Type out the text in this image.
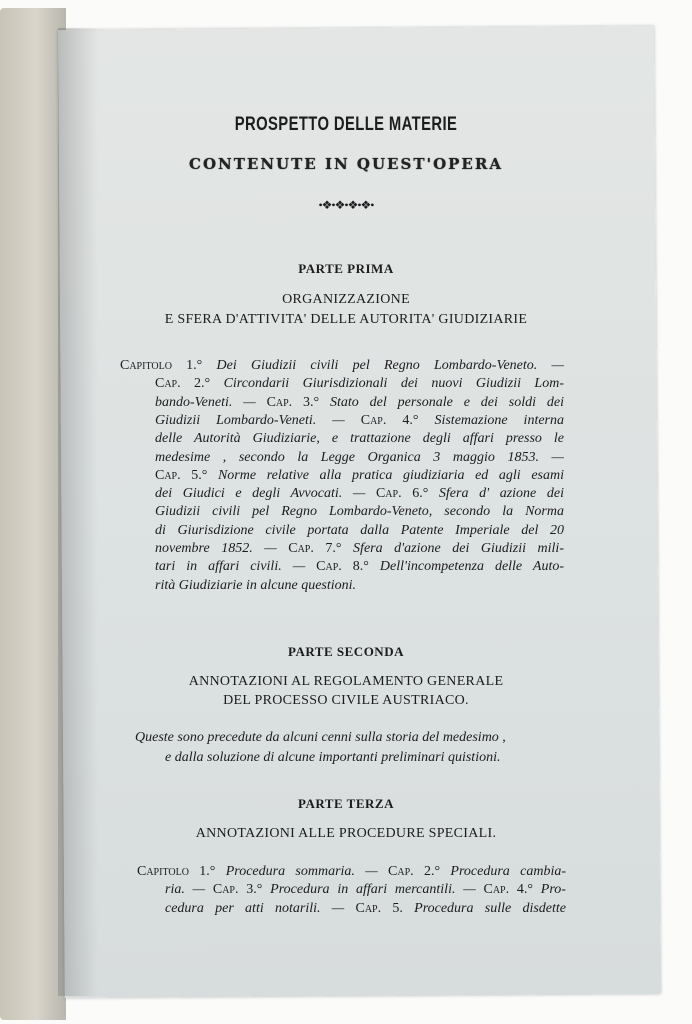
PROSPETTO DELLE MATERIE
CONTENUTE IN QUEST'OPERA
•❖•❖•❖•❖•
PARTE PRIMA
ORGANIZZAZIONE
E SFERA D'ATTIVITA' DELLE AUTORITA' GIUDIZIARIE
Capitolo 1.° Dei Giudizii civili pel Regno Lombardo-Veneto. —
Cap. 2.° Circondarii Giurisdizionali dei nuovi Giudizii Lom-
bando-Veneti. — Cap. 3.° Stato del personale e dei soldi dei
Giudizii Lombardo-Veneti. — Cap. 4.° Sistemazione interna
delle Autorità Giudiziarie, e trattazione degli affari presso le
medesime , secondo la Legge Organica 3 maggio 1853. —
Cap. 5.° Norme relative alla pratica giudiziaria ed agli esami
dei Giudici e degli Avvocati. — Cap. 6.° Sfera d' azione dei
Giudizii civili pel Regno Lombardo-Veneto, secondo la Norma
di Giurisdizione civile portata dalla Patente Imperiale del 20
novembre 1852. — Cap. 7.° Sfera d'azione dei Giudizii mili-
tari in affari civili. — Cap. 8.° Dell'incompetenza delle Auto-
rità Giudiziarie in alcune questioni.
PARTE SECONDA
ANNOTAZIONI AL REGOLAMENTO GENERALE
DEL PROCESSO CIVILE AUSTRIACO.
Queste sono precedute da alcuni cenni sulla storia del medesimo ,
e dalla soluzione di alcune importanti preliminari quistioni.
PARTE TERZA
ANNOTAZIONI ALLE PROCEDURE SPECIALI.
Capitolo 1.° Procedura sommaria. — Cap. 2.° Procedura cambia-
ria. — Cap. 3.° Procedura in affari mercantili. — Cap. 4.° Pro-
cedura per atti notarili. — Cap. 5. Procedura sulle disdette
